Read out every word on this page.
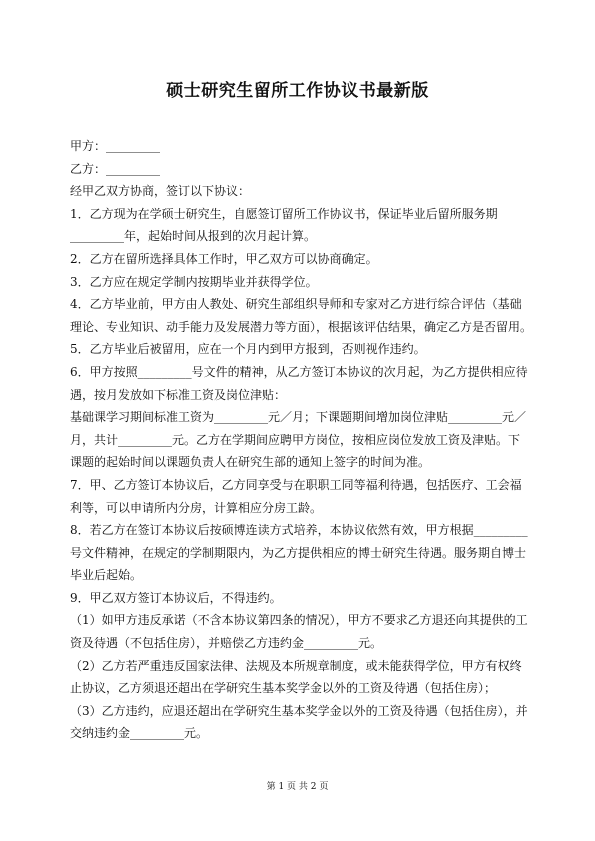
硕士研究生留所工作协议书最新版
甲方：_________
乙方：_________
经甲乙双方协商，签订以下协议：
1．乙方现为在学硕士研究生，自愿签订留所工作协议书，保证毕业后留所服务期
_________年，起始时间从报到的次月起计算。
2．乙方在留所选择具体工作时，甲乙双方可以协商确定。
3．乙方应在规定学制内按期毕业并获得学位。
4．乙方毕业前，甲方由人教处、研究生部组织导师和专家对乙方进行综合评估（基础
理论、专业知识、动手能力及发展潜力等方面），根据该评估结果，确定乙方是否留用。
5．乙方毕业后被留用，应在一个月内到甲方报到，否则视作违约。
6．甲方按照_________号文件的精神，从乙方签订本协议的次月起，为乙方提供相应待
遇，按月发放如下标准工资及岗位津贴：
基础课学习期间标准工资为_________元／月；下课题期间增加岗位津贴_________元／
月，共计_________元。乙方在学期间应聘甲方岗位，按相应岗位发放工资及津贴。下
课题的起始时间以课题负责人在研究生部的通知上签字的时间为准。
7．甲、乙方签订本协议后，乙方同享受与在职职工同等福利待遇，包括医疗、工会福
利等，可以申请所内分房，计算相应分房工龄。
8．若乙方在签订本协议后按硕博连读方式培养，本协议依然有效，甲方根据_________
号文件精神，在规定的学制期限内，为乙方提供相应的博士研究生待遇。服务期自博士
毕业后起始。
9．甲乙双方签订本协议后，不得违约。
（1）如甲方违反承诺（不含本协议第四条的情况），甲方不要求乙方退还向其提供的工
资及待遇（不包括住房），并赔偿乙方违约金_________元。
（2）乙方若严重违反国家法律、法规及本所规章制度，或未能获得学位，甲方有权终
止协议，乙方须退还超出在学研究生基本奖学金以外的工资及待遇（包括住房）；
（3）乙方违约，应退还超出在学研究生基本奖学金以外的工资及待遇（包括住房），并
交纳违约金_________元。
第 1 页 共 2 页
